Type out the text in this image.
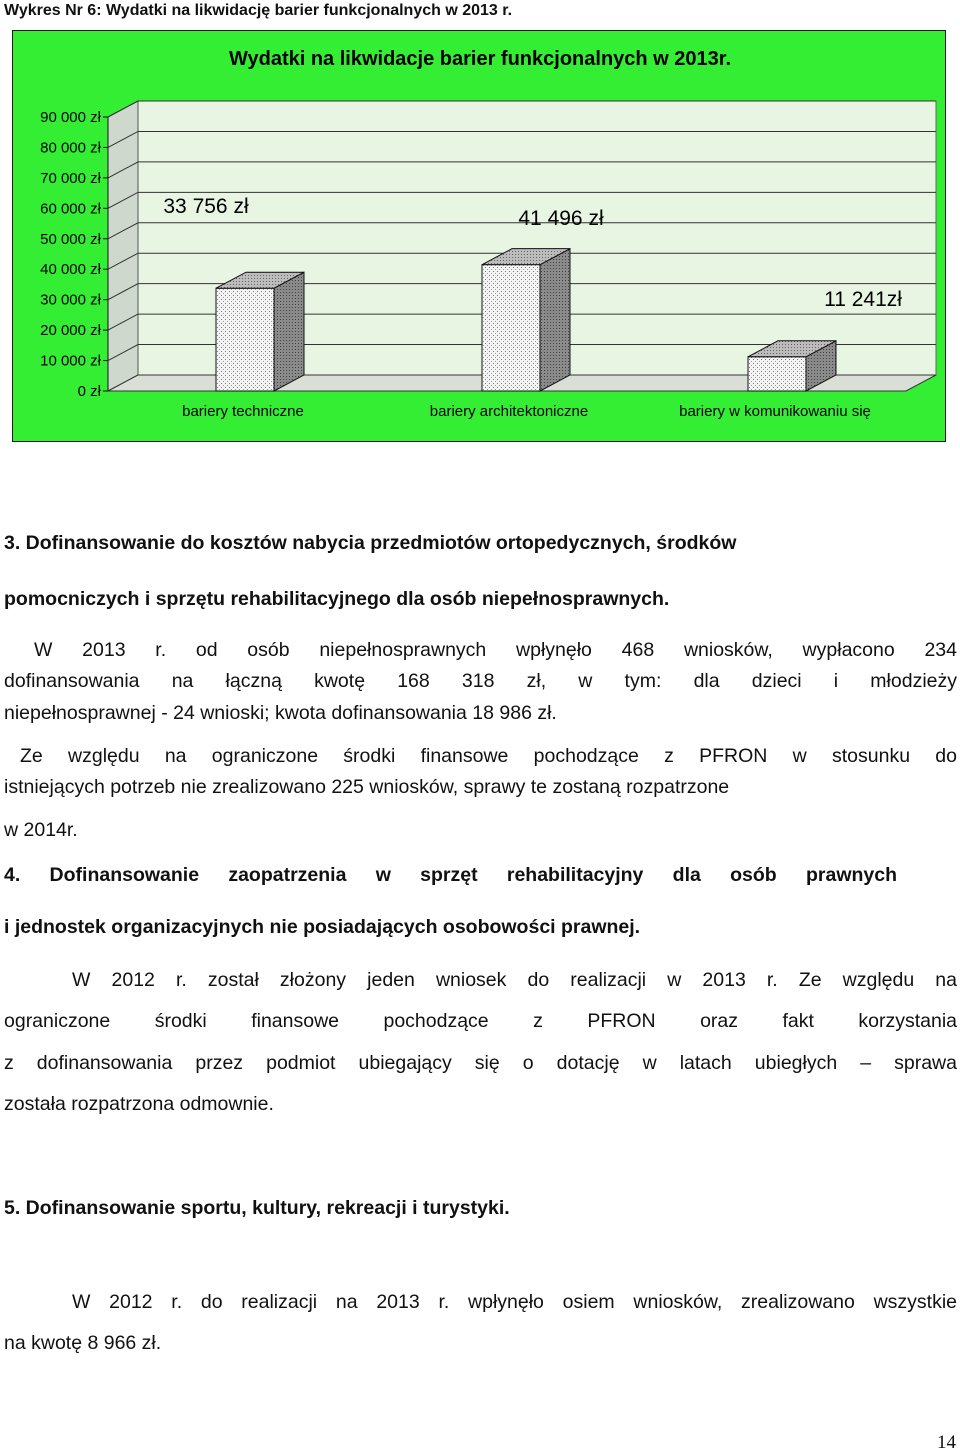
Wykres Nr 6: Wydatki na likwidację barier funkcjonalnych w 2013 r.
Wydatki na likwidacje barier funkcjonalnych w 2013r.
0 zł
10 000 zł
20 000 zł
30 000 zł
40 000 zł
50 000 zł
60 000 zł
70 000 zł
80 000 zł
90 000 zł
bariery techniczne	bariery architektoniczne	bariery w komunikowaniu się
33 756 zł
41 496 zł
11 241zł

3. Dofinansowanie do kosztów nabycia przedmiotów ortopedycznych, środków

pomocniczych i sprzętu rehabilitacyjnego dla osób niepełnosprawnych.

W 2013 r. od osób niepełnosprawnych wpłynęło 468 wniosków, wypłacono 234

dofinansowania na łączną kwotę 168 318 zł, w tym: dla dzieci i młodzieży

niepełnosprawnej - 24 wnioski; kwota dofinansowania 18 986 zł.

Ze względu na ograniczone środki finansowe pochodzące z PFRON w stosunku do

istniejących potrzeb nie zrealizowano 225 wniosków, sprawy te zostaną rozpatrzone

w 2014r.

4. Dofinansowanie zaopatrzenia w sprzęt rehabilitacyjny dla osób prawnych

i jednostek organizacyjnych nie posiadających osobowości prawnej.

W 2012 r. został złożony jeden wniosek do realizacji w 2013 r. Ze względu na

ograniczone środki finansowe pochodzące z PFRON oraz fakt korzystania

z dofinansowania przez podmiot ubiegający się o dotację w latach ubiegłych – sprawa

została rozpatrzona odmownie.

5. Dofinansowanie sportu, kultury, rekreacji i turystyki.

W 2012 r. do realizacji na 2013 r. wpłynęło osiem wniosków, zrealizowano wszystkie

na kwotę 8 966 zł.

14
